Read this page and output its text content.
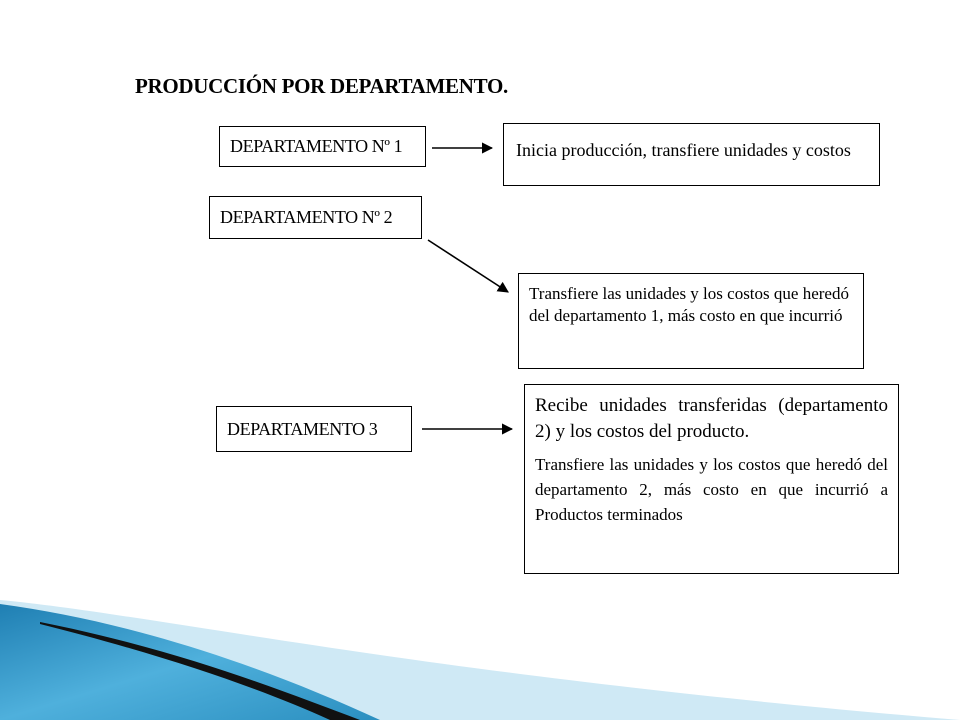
PRODUCCIÓN POR DEPARTAMENTO.
DEPARTAMENTO Nº 1	Inicia producción, transfiere unidades y costos
DEPARTAMENTO Nº 2
Transfiere las unidades y los costos que heredó del departamento 1, más costo en que incurrió
DEPARTAMENTO 3
Recibe unidades transferidas (departamento 2) y los costos del producto.
Transfiere las unidades y los costos que heredó del departamento 2, más costo en que incurrió a Productos terminados
